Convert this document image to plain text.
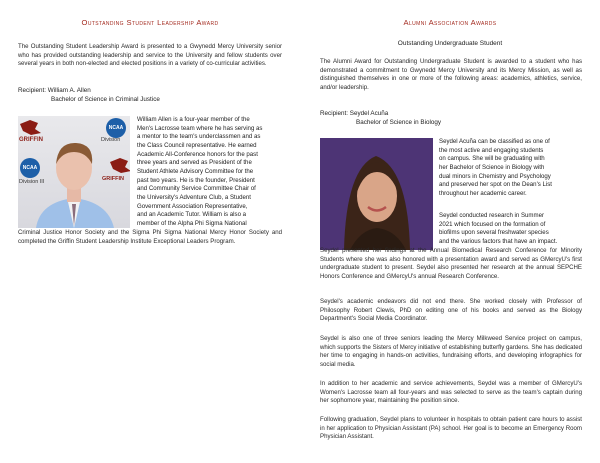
Outstanding Student Leadership Award
The Outstanding Student Leadership Award is presented to a Gwynedd Mercy University senior who has provided outstanding leadership and service to the University and fellow students over several years in both non-elected and elected positions in a variety of co-curricular activities.
Recipient: William A. Allen
Bachelor of Science in Criminal Justice
NCAA
GRIFFIN
GRIFFIN
Division
NCAA
Division III
William Allen is a four-year member of the
Men's Lacrosse team where he has serving as
a mentor to the team's underclassmen and as
the Class Council representative. He earned
Academic All-Conference honors for the past
three years and served as President of the
Student Athlete Advisory Committee for the
past two years. He is the founder, President
and Community Service Committee Chair of
the University's Adventure Club, a Student
Government Association Representative,
and an Academic Tutor. William is also a
member of the Alpha Phi Sigma National
Criminal Justice Honor Society and the Sigma Phi Sigma National Mercy Honor Society and completed the Griffin Student Leadership Institute Exceptional Leaders Program.
Alumni Association Awards
Outstanding Undergraduate Student
The Alumni Award for Outstanding Undergraduate Student is awarded to a student who has demonstrated a commitment to Gwynedd Mercy University and its Mercy Mission, as well as distinguished themselves in one or more of the following areas: academics, athletics, service, and/or leadership.
Recipient: Seydel Acuña
Bachelor of Science in Biology
Seydel Acuña can be classified as one of
the most active and engaging students
on campus. She will be graduating with
her Bachelor of Science in Biology with
dual minors in Chemistry and Psychology
and preserved her spot on the Dean's List
throughout her academic career.
Seydel conducted research in Summer
2021 which focused on the formation of
biofilms upon several freshwater species
and the various factors that have an impact.
Seydel presented her findings at the Annual Biomedical Research Conference for Minority Students where she was also honored with a presentation award and served as GMercyU's first undergraduate student to present. Seydel also presented her research at the annual SEPCHE Honors Conference and GMercyU's annual Research Conference.
Seydel's academic endeavors did not end there. She worked closely with Professor of Philosophy Robert Clewis, PhD on editing one of his books and served as the Biology Department's Social Media Coordinator.
Seydel is also one of three seniors leading the Mercy Milkweed Service project on campus, which supports the Sisters of Mercy initiative of establishing butterfly gardens. She has dedicated her time to engaging in hands-on activities, fundraising efforts, and developing infographics for social media.
In addition to her academic and service achievements, Seydel was a member of GMercyU's Women's Lacrosse team all four-years and was selected to serve as the team's captain during her sophomore year, maintaining the position since.
Following graduation, Seydel plans to volunteer in hospitals to obtain patient care hours to assist in her application to Physician Assistant (PA) school. Her goal is to become an Emergency Room Physician Assistant.
